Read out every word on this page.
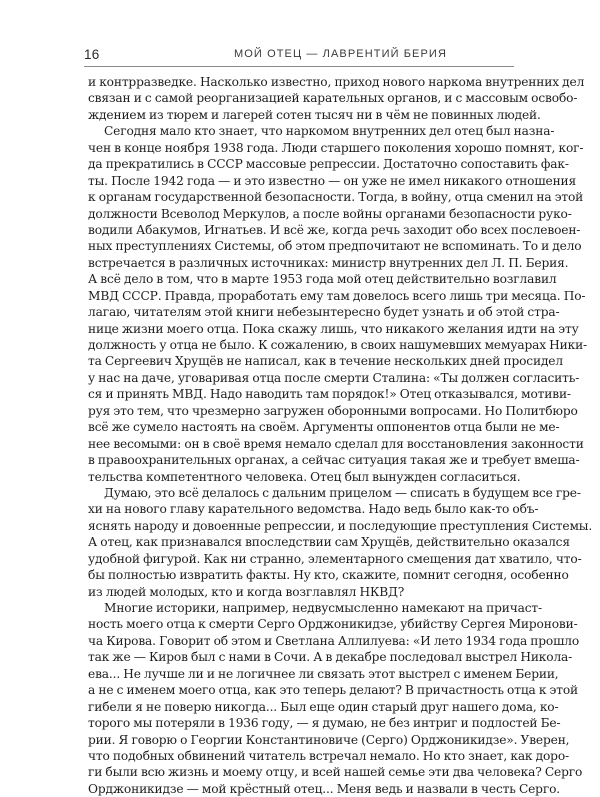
16	МОЙ ОТЕЦ — ЛАВРЕНТИЙ БЕРИЯ
и контрразведке. Насколько известно, приход нового наркома внутренних дел
связан и с самой реорганизацией карательных органов, и с массовым освобо-
ждением из тюрем и лагерей сотен тысяч ни в чём не повинных людей.
Сегодня мало кто знает, что наркомом внутренних дел отец был назна-
чен в конце ноября 1938 года. Люди старшего поколения хорошо помнят, ког-
да прекратились в СССР массовые репрессии. Достаточно сопоставить фак-
ты. После 1942 года — и это известно — он уже не имел никакого отношения
к органам государственной безопасности. Тогда, в войну, отца сменил на этой
должности Всеволод Меркулов, а после войны органами безопасности руко-
водили Абакумов, Игнатьев. И всё же, когда речь заходит обо всех послевоен-
ных преступлениях Системы, об этом предпочитают не вспоминать. То и дело
встречается в различных источниках: министр внутренних дел Л. П. Берия.
А всё дело в том, что в марте 1953 года мой отец действительно возглавил
МВД СССР. Правда, проработать ему там довелось всего лишь три месяца. По-
лагаю, читателям этой книги небезынтересно будет узнать и об этой стра-
нице жизни моего отца. Пока скажу лишь, что никакого желания идти на эту
должность у отца не было. К сожалению, в своих нашумевших мемуарах Ники-
та Сергеевич Хрущёв не написал, как в течение нескольких дней просидел
у нас на даче, уговаривая отца после смерти Сталина: «Ты должен согласить-
ся и принять МВД. Надо наводить там порядок!» Отец отказывался, мотиви-
руя это тем, что чрезмерно загружен оборонными вопросами. Но Политбюро
всё же сумело настоять на своём. Аргументы оппонентов отца были не ме-
нее весомыми: он в своё время немало сделал для восстановления законности
в правоохранительных органах, а сейчас ситуация такая же и требует вмеша-
тельства компетентного человека. Отец был вынужден согласиться.
Думаю, это всё делалось с дальним прицелом — списать в будущем все гре-
хи на нового главу карательного ведомства. Надо ведь было как-то объ-
яснять народу и довоенные репрессии, и последующие преступления Системы.
А отец, как признавался впоследствии сам Хрущёв, действительно оказался
удобной фигурой. Как ни странно, элементарного смещения дат хватило, что-
бы полностью извратить факты. Ну кто, скажите, помнит сегодня, особенно
из людей молодых, кто и когда возглавлял НКВД?
Многие историки, например, недвусмысленно намекают на причаст-
ность моего отца к смерти Серго Орджоникидзе, убийству Сергея Миронови-
ча Кирова. Говорит об этом и Светлана Аллилуева: «И лето 1934 года прошло
так же — Киров был с нами в Сочи. А в декабре последовал выстрел Никола-
ева... Не лучше ли и не логичнее ли связать этот выстрел с именем Берии,
а не с именем моего отца, как это теперь делают? В причастность отца к этой
гибели я не поверю никогда... Был еще один старый друг нашего дома, ко-
торого мы потеряли в 1936 году, — я думаю, не без интриг и подлостей Бе-
рии. Я говорю о Георгии Константиновиче (Серго) Орджоникидзе». Уверен,
что подобных обвинений читатель встречал немало. Но кто знает, как доро-
ги были всю жизнь и моему отцу, и всей нашей семье эти два человека? Серго
Орджоникидзе — мой крёстный отец... Меня ведь и назвали в честь Серго.
